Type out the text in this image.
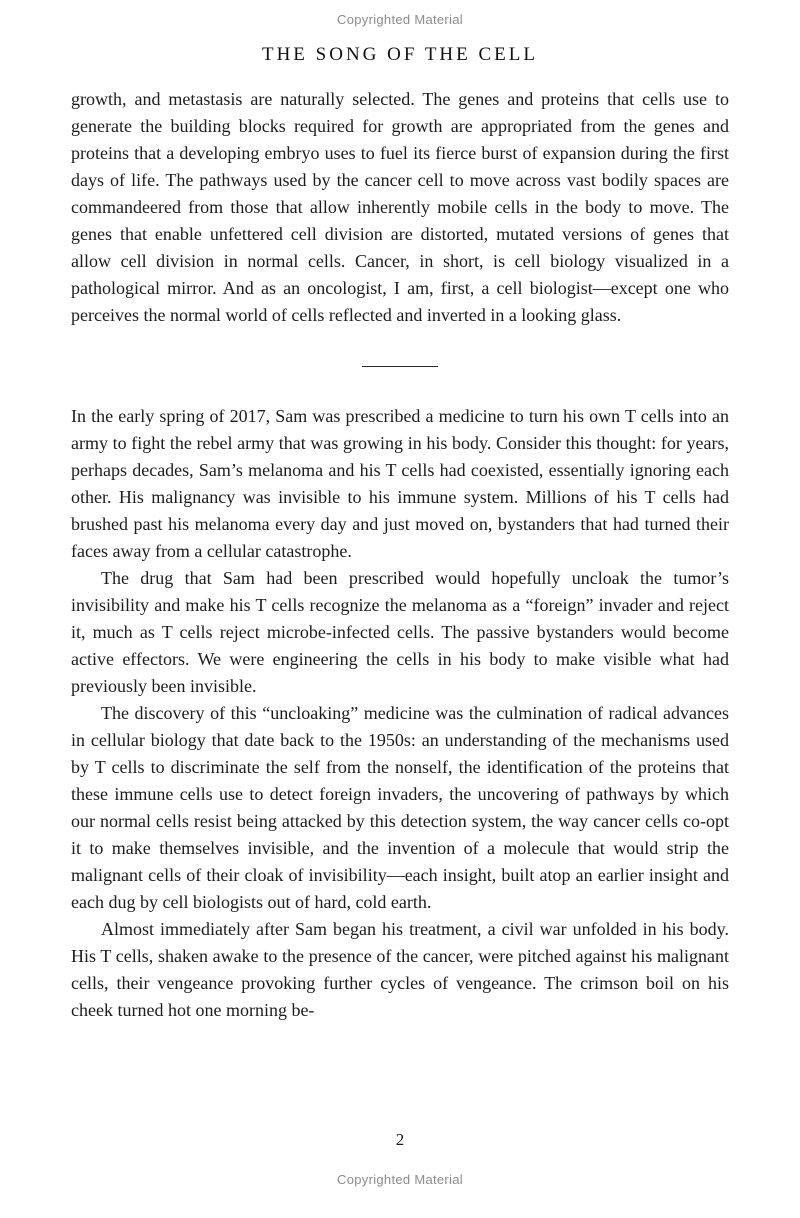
Copyrighted Material
THE SONG OF THE CELL

growth, and metastasis are naturally selected. The genes and proteins that cells use to generate the building blocks required for growth are appropriated from the genes and proteins that a developing embryo uses to fuel its fierce burst of expansion during the first days of life. The pathways used by the cancer cell to move across vast bodily spaces are commandeered from those that allow inherently mobile cells in the body to move. The genes that enable unfettered cell division are distorted, mutated versions of genes that allow cell division in normal cells. Cancer, in short, is cell biology visualized in a pathological mirror. And as an oncologist, I am, first, a cell biologist—except one who perceives the normal world of cells reflected and inverted in a looking glass.

In the early spring of 2017, Sam was prescribed a medicine to turn his own T cells into an army to fight the rebel army that was growing in his body. Consider this thought: for years, perhaps decades, Sam’s melanoma and his T cells had coexisted, essentially ignoring each other. His malignancy was invisible to his immune system. Millions of his T cells had brushed past his melanoma every day and just moved on, bystanders that had turned their faces away from a cellular catastrophe.

The drug that Sam had been prescribed would hopefully uncloak the tumor’s invisibility and make his T cells recognize the melanoma as a “foreign” invader and reject it, much as T cells reject microbe-infected cells. The passive bystanders would become active effectors. We were engineering the cells in his body to make visible what had previously been invisible.

The discovery of this “uncloaking” medicine was the culmination of radical advances in cellular biology that date back to the 1950s: an understanding of the mechanisms used by T cells to discriminate the self from the nonself, the identification of the proteins that these immune cells use to detect foreign invaders, the uncovering of pathways by which our normal cells resist being attacked by this detection system, the way cancer cells co-opt it to make themselves invisible, and the invention of a molecule that would strip the malignant cells of their cloak of invisibility—each insight, built atop an earlier insight and each dug by cell biologists out of hard, cold earth.

Almost immediately after Sam began his treatment, a civil war unfolded in his body. His T cells, shaken awake to the presence of the cancer, were pitched against his malignant cells, their vengeance provoking further cycles of vengeance. The crimson boil on his cheek turned hot one morning be-

2
Copyrighted Material
